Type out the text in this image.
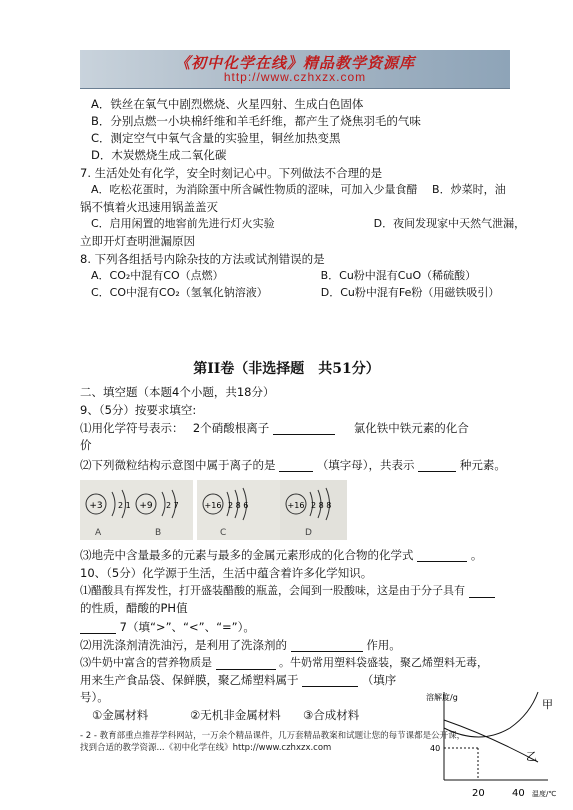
《初中化学在线》精品教学资源库
http://www.czhxzx.com
A．铁丝在氧气中剧烈燃烧、火星四射、生成白色固体
B．分别点燃一小块棉纤维和羊毛纤维，都产生了烧焦羽毛的气味
C．测定空气中氧气含量的实验里，铜丝加热变黑
D．木炭燃烧生成二氧化碳
7. 生活处处有化学，安全时刻记心中。下列做法不合理的是
A．吃松花蛋时，为消除蛋中所含碱性物质的涩味，可加入少量食醋　 B．炒菜时，油
锅不慎着火迅速用锅盖盖灭
C．启用闲置的地窖前先进行灯火实验　　　　　　　　　D．夜间发现家中天然气泄漏，
立即开灯查明泄漏原因
8. 下列各组括号内除杂技的方法或试剂错误的是
A．CO₂中混有CO（点燃）　　　　　　　　　 B．Cu粉中混有CuO（稀硫酸）
C．CO中混有CO₂（氢氧化钠溶液）　　　　　 D．Cu粉中混有Fe粉（用磁铁吸引）
第II卷（非选择题　共51分）
二、填空题（本题4个小题，共18分）
9、（5分）按要求填空:
⑴用化学符号表示：　 2个硝酸根离子	　 氯化铁中铁元素的化合
价
⑵下列微粒结构示意图中属于离子的是	（填字母），共表示	种元素。
+3 2 1 +9 2 7	+16 2 8 6	+16 2 8 8
A	B	C	D
⑶地壳中含量最多的元素与最多的金属元素形成的化合物的化学式	。
10、（5分）化学源于生活，生活中蕴含着许多化学知识。
⑴醋酸具有挥发性，打开盛装醋酸的瓶盖，会闻到一股酸味，这是由于分子具有
的性质，醋酸的PH值
7（填“>”、“<”、“=”）。
⑵用洗涤剂清洗油污，是利用了洗涤剂的	作用。
⑶牛奶中富含的营养物质是	。牛奶常用塑料袋盛装，聚乙烯塑料无毒，
用来生产食品袋、保鲜膜，聚乙烯塑料属于	（填序
号）。
①金属材料	②无机非金属材料 ③合成材料
- 2 - 教育部重点推荐学科网站，一万余个精品课件，几万套精品教案和试题让您的每节课都是公开课，
找到合适的教学资源...《初中化学在线》http://www.czhxzx.com
溶解度/g
40
甲
乙
20	40 温度/℃
